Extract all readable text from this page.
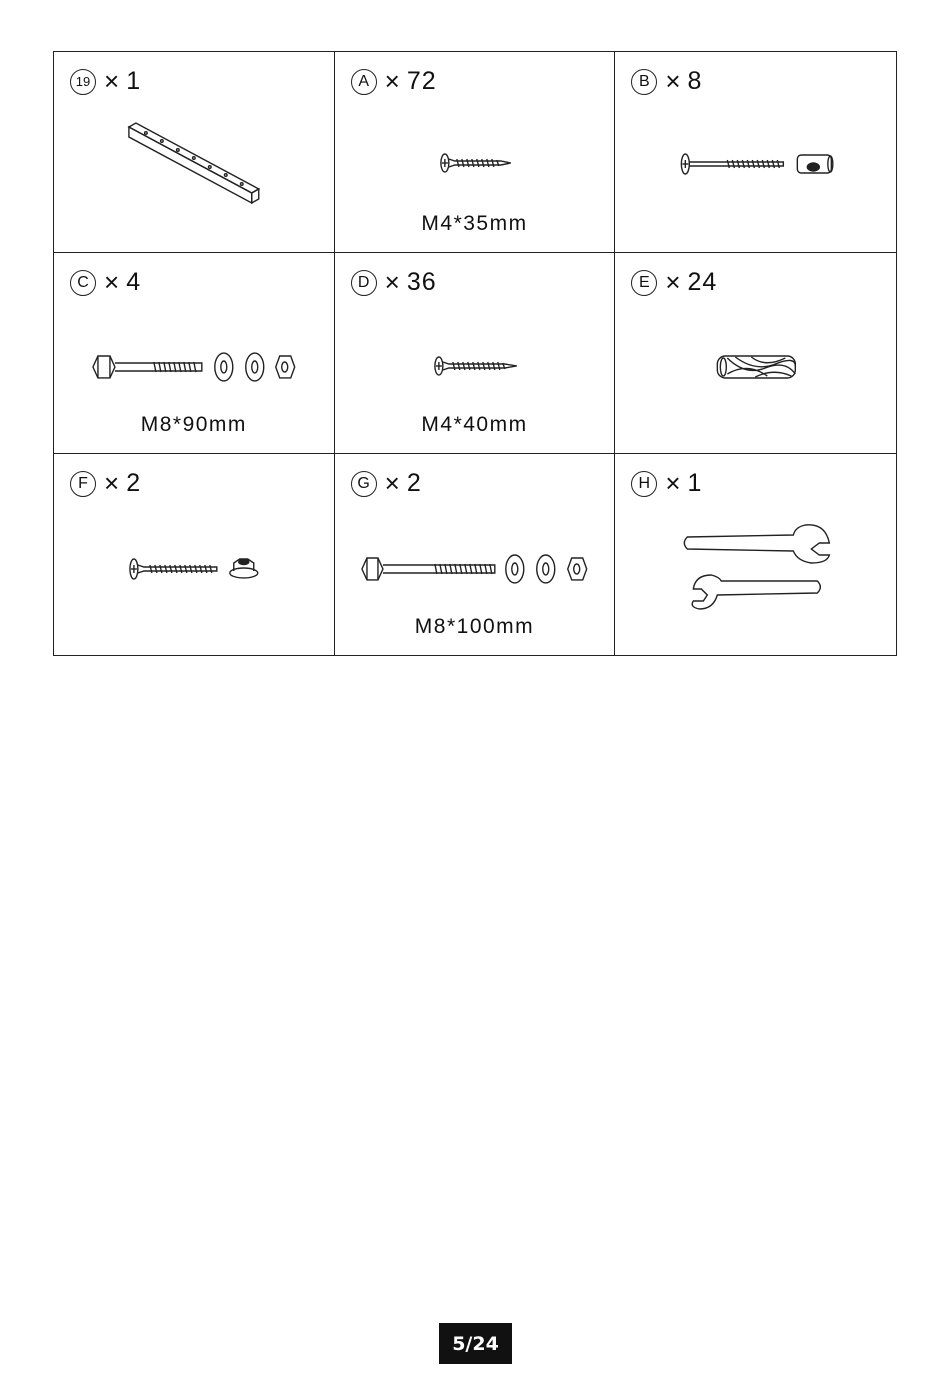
19 × 1	A × 72
M4*35mm
B × 8
C × 4
M8*90mm
D × 36
M4*40mm
E × 24
F × 2	G × 2
M8*100mm
H × 1
5/24
